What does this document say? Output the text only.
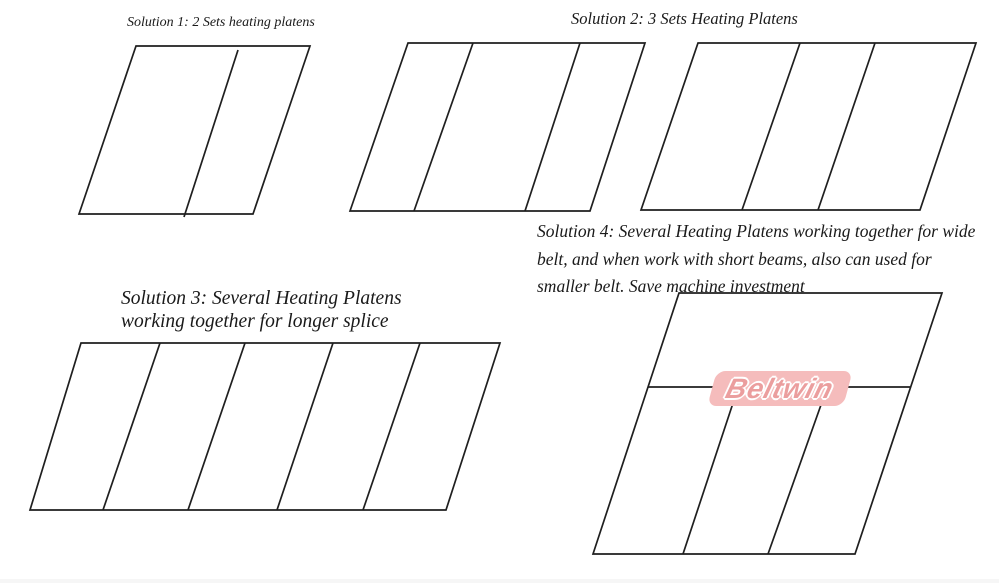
Beltwin
Solution 1: 2 Sets heating platens	Solution 2: 3 Sets Heating Platens
Solution 3: Several Heating Platens
working together for longer splice
Solution 4: Several Heating Platens working together for wide
belt, and when work with short beams, also can used for
smaller belt. Save machine investment
